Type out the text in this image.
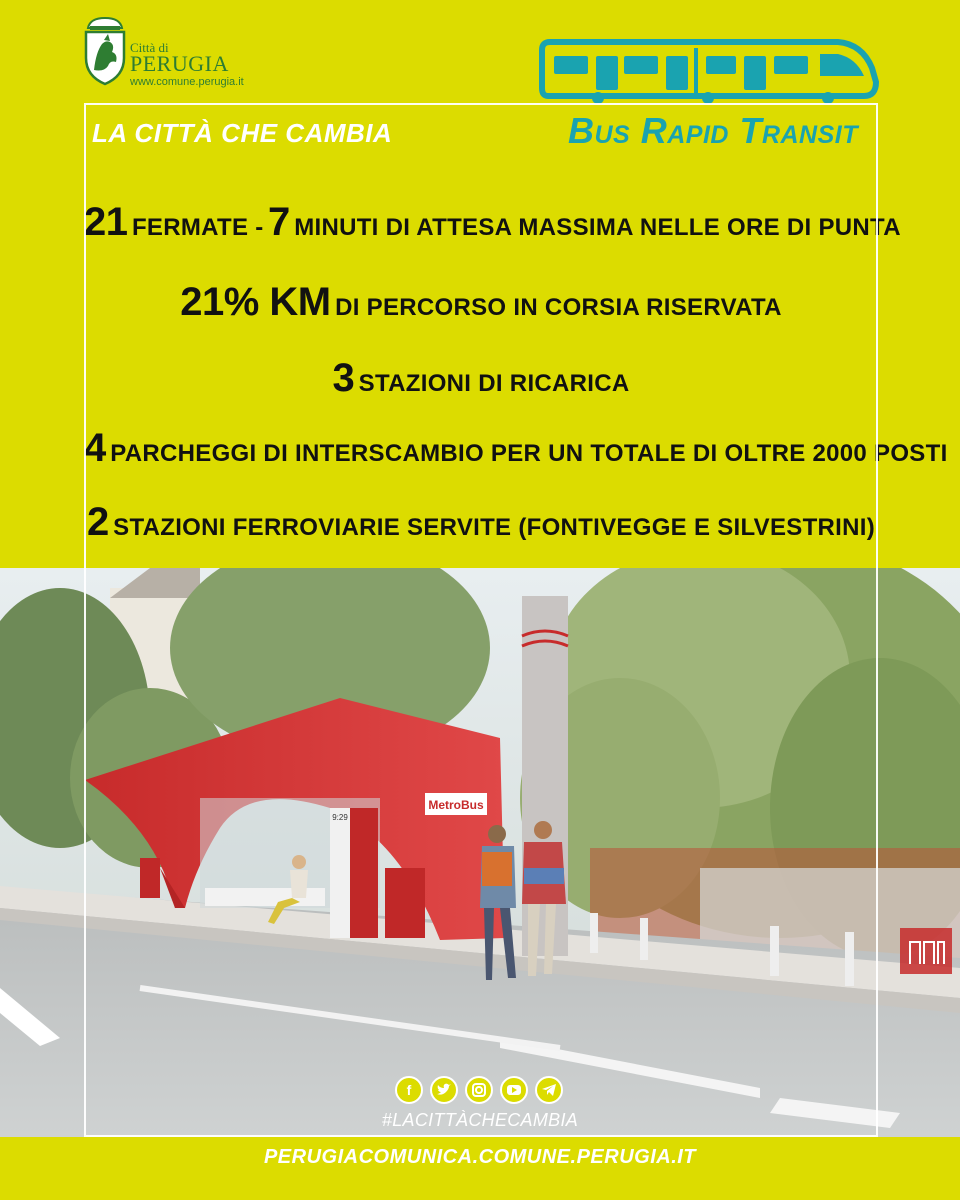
Città di
PERUGIA
www.comune.perugia.it
LA CITTÀ CHE CAMBIA	Bus Rapid Transit
21 FERMATE - 7 MINUTI DI ATTESA MASSIMA NELLE ORE DI PUNTA
21% KM DI PERCORSO IN CORSIA RISERVATA
3 STAZIONI DI RICARICA
4 PARCHEGGI DI INTERSCAMBIO PER UN TOTALE DI OLTRE 2000 POSTI
2 STAZIONI FERROVIARIE SERVITE (FONTIVEGGE E SILVESTRINI)
MetroBus
9:29
f
#LACITTÀCHECAMBIA
PERUGIACOMUNICA.COMUNE.PERUGIA.IT
